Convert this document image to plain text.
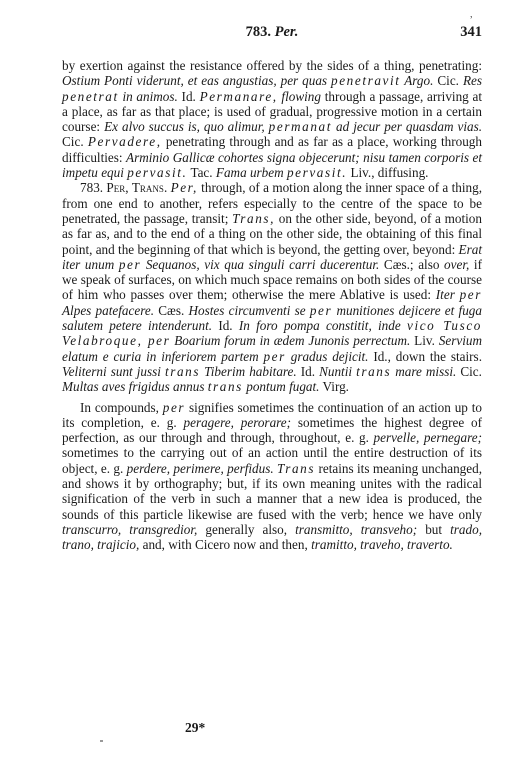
783. Per.	341
’

by exertion against the resistance offered by the sides of a thing, penetrating: Ostium Ponti viderunt, et eas angustias, per quas penetravit Argo. Cic. Res penetrat in animos. Id. Permanare, flowing through a passage, arriving at a place, as far as that place; is used of gradual, progressive motion in a certain course: Ex alvo succus is, quo alimur, permanat ad jecur per quasdam vias. Cic. Pervadere, penetrating through and as far as a place, working through difficulties: Arminio Gallicæ cohortes signa objecerunt; nisu tamen corporis et impetu equi pervasit. Tac. Fama urbem pervasit. Liv., diffusing.

783. Per, Trans. Per, through, of a motion along the inner space of a thing, from one end to another, refers especially to the centre of the space to be penetrated, the passage, transit; Trans, on the other side, beyond, of a motion as far as, and to the end of a thing on the other side, the obtaining of this final point, and the beginning of that which is beyond, the getting over, beyond: Erat iter unum per Sequanos, vix qua singuli carri ducerentur. Cæs.; also over, if we speak of surfaces, on which much space remains on both sides of the course of him who passes over them; otherwise the mere Ablative is used: Iter per Alpes patefacere. Cæs. Hostes circumventi se per munitiones dejicere et fuga salutem petere intenderunt. Id. In foro pompa constitit, inde vico Tusco Velabroque, per Boarium forum in ædem Junonis perrectum. Liv. Servium elatum e curia in inferiorem partem per gradus dejicit. Id., down the stairs. Veliterni sunt jussi trans Tiberim habitare. Id. Nuntii trans mare missi. Cic. Multas aves frigidus annus trans pontum fugat. Virg.

In compounds, per signifies sometimes the continuation of an action up to its completion, e. g. peragere, perorare; sometimes the highest degree of perfection, as our through and through, throughout, e. g. pervelle, pernegare; sometimes to the carrying out of an action until the entire destruction of its object, e. g. perdere, perimere, perfidus. Trans retains its meaning unchanged, and shows it by orthography; but, if its own meaning unites with the radical signification of the verb in such a manner that a new idea is produced, the sounds of this particle likewise are fused with the verb; hence we have only transcurro, transgredior, generally also, transmitto, transveho; but trado, trano, trajicio, and, with Cicero now and then, tramitto, traveho, traverto.

29*
